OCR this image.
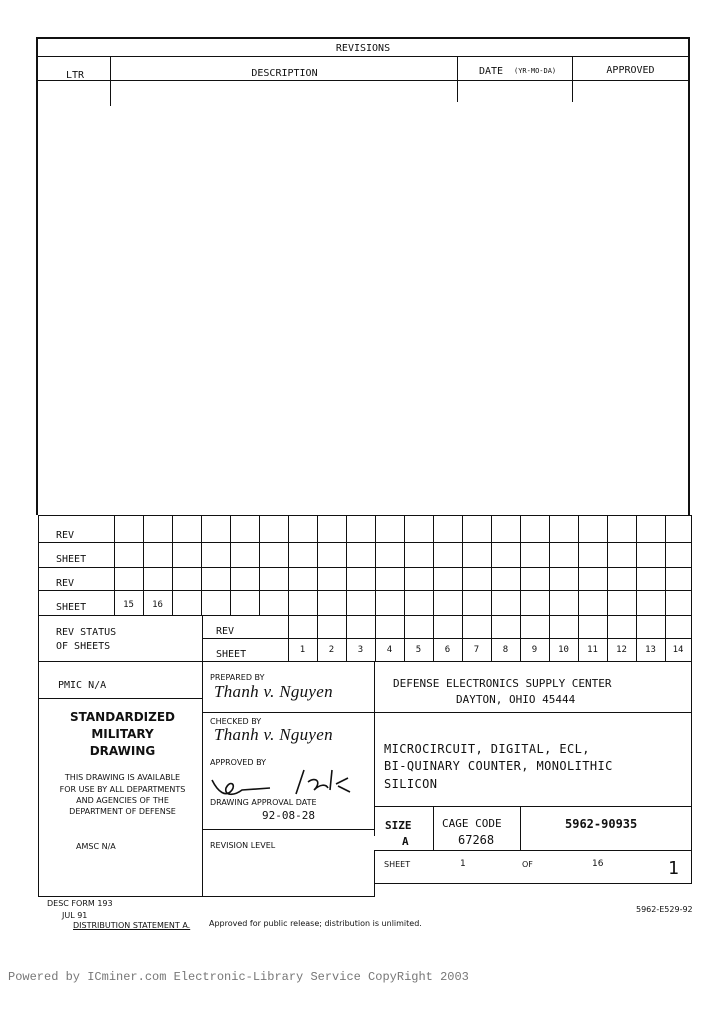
REVISIONS
LTR	DESCRIPTION	DATE (YR-MO-DA)	APPROVED
REV
SHEET
REV
SHEET	15	16
REV STATUS
OF SHEETS
REV
SHEET	1	2	3	4	5	6	7	8	9	10	11	12	13	14
PMIC N/A
STANDARDIZED
MILITARY
DRAWING
THIS DRAWING IS AVAILABLE
FOR USE BY ALL DEPARTMENTS
AND AGENCIES OF THE
DEPARTMENT OF DEFENSE
AMSC N/A
PREPARED BY
Thanh v. Nguyen
CHECKED BY
Thanh v. Nguyen
APPROVED BY
DRAWING APPROVAL DATE
92-08-28
REVISION LEVEL
DEFENSE ELECTRONICS SUPPLY CENTER
DAYTON, OHIO 45444
MICROCIRCUIT, DIGITAL, ECL,
BI-QUINARY COUNTER, MONOLITHIC
SILICON
SIZE
A
CAGE CODE
67268
5962-90935
SHEET	1	OF	16	1
DESC FORM 193
JUL 91
DISTRIBUTION STATEMENT A. Approved for public release; distribution is unlimited.
5962-E529-92
Powered by ICminer.com Electronic-Library Service CopyRight 2003
